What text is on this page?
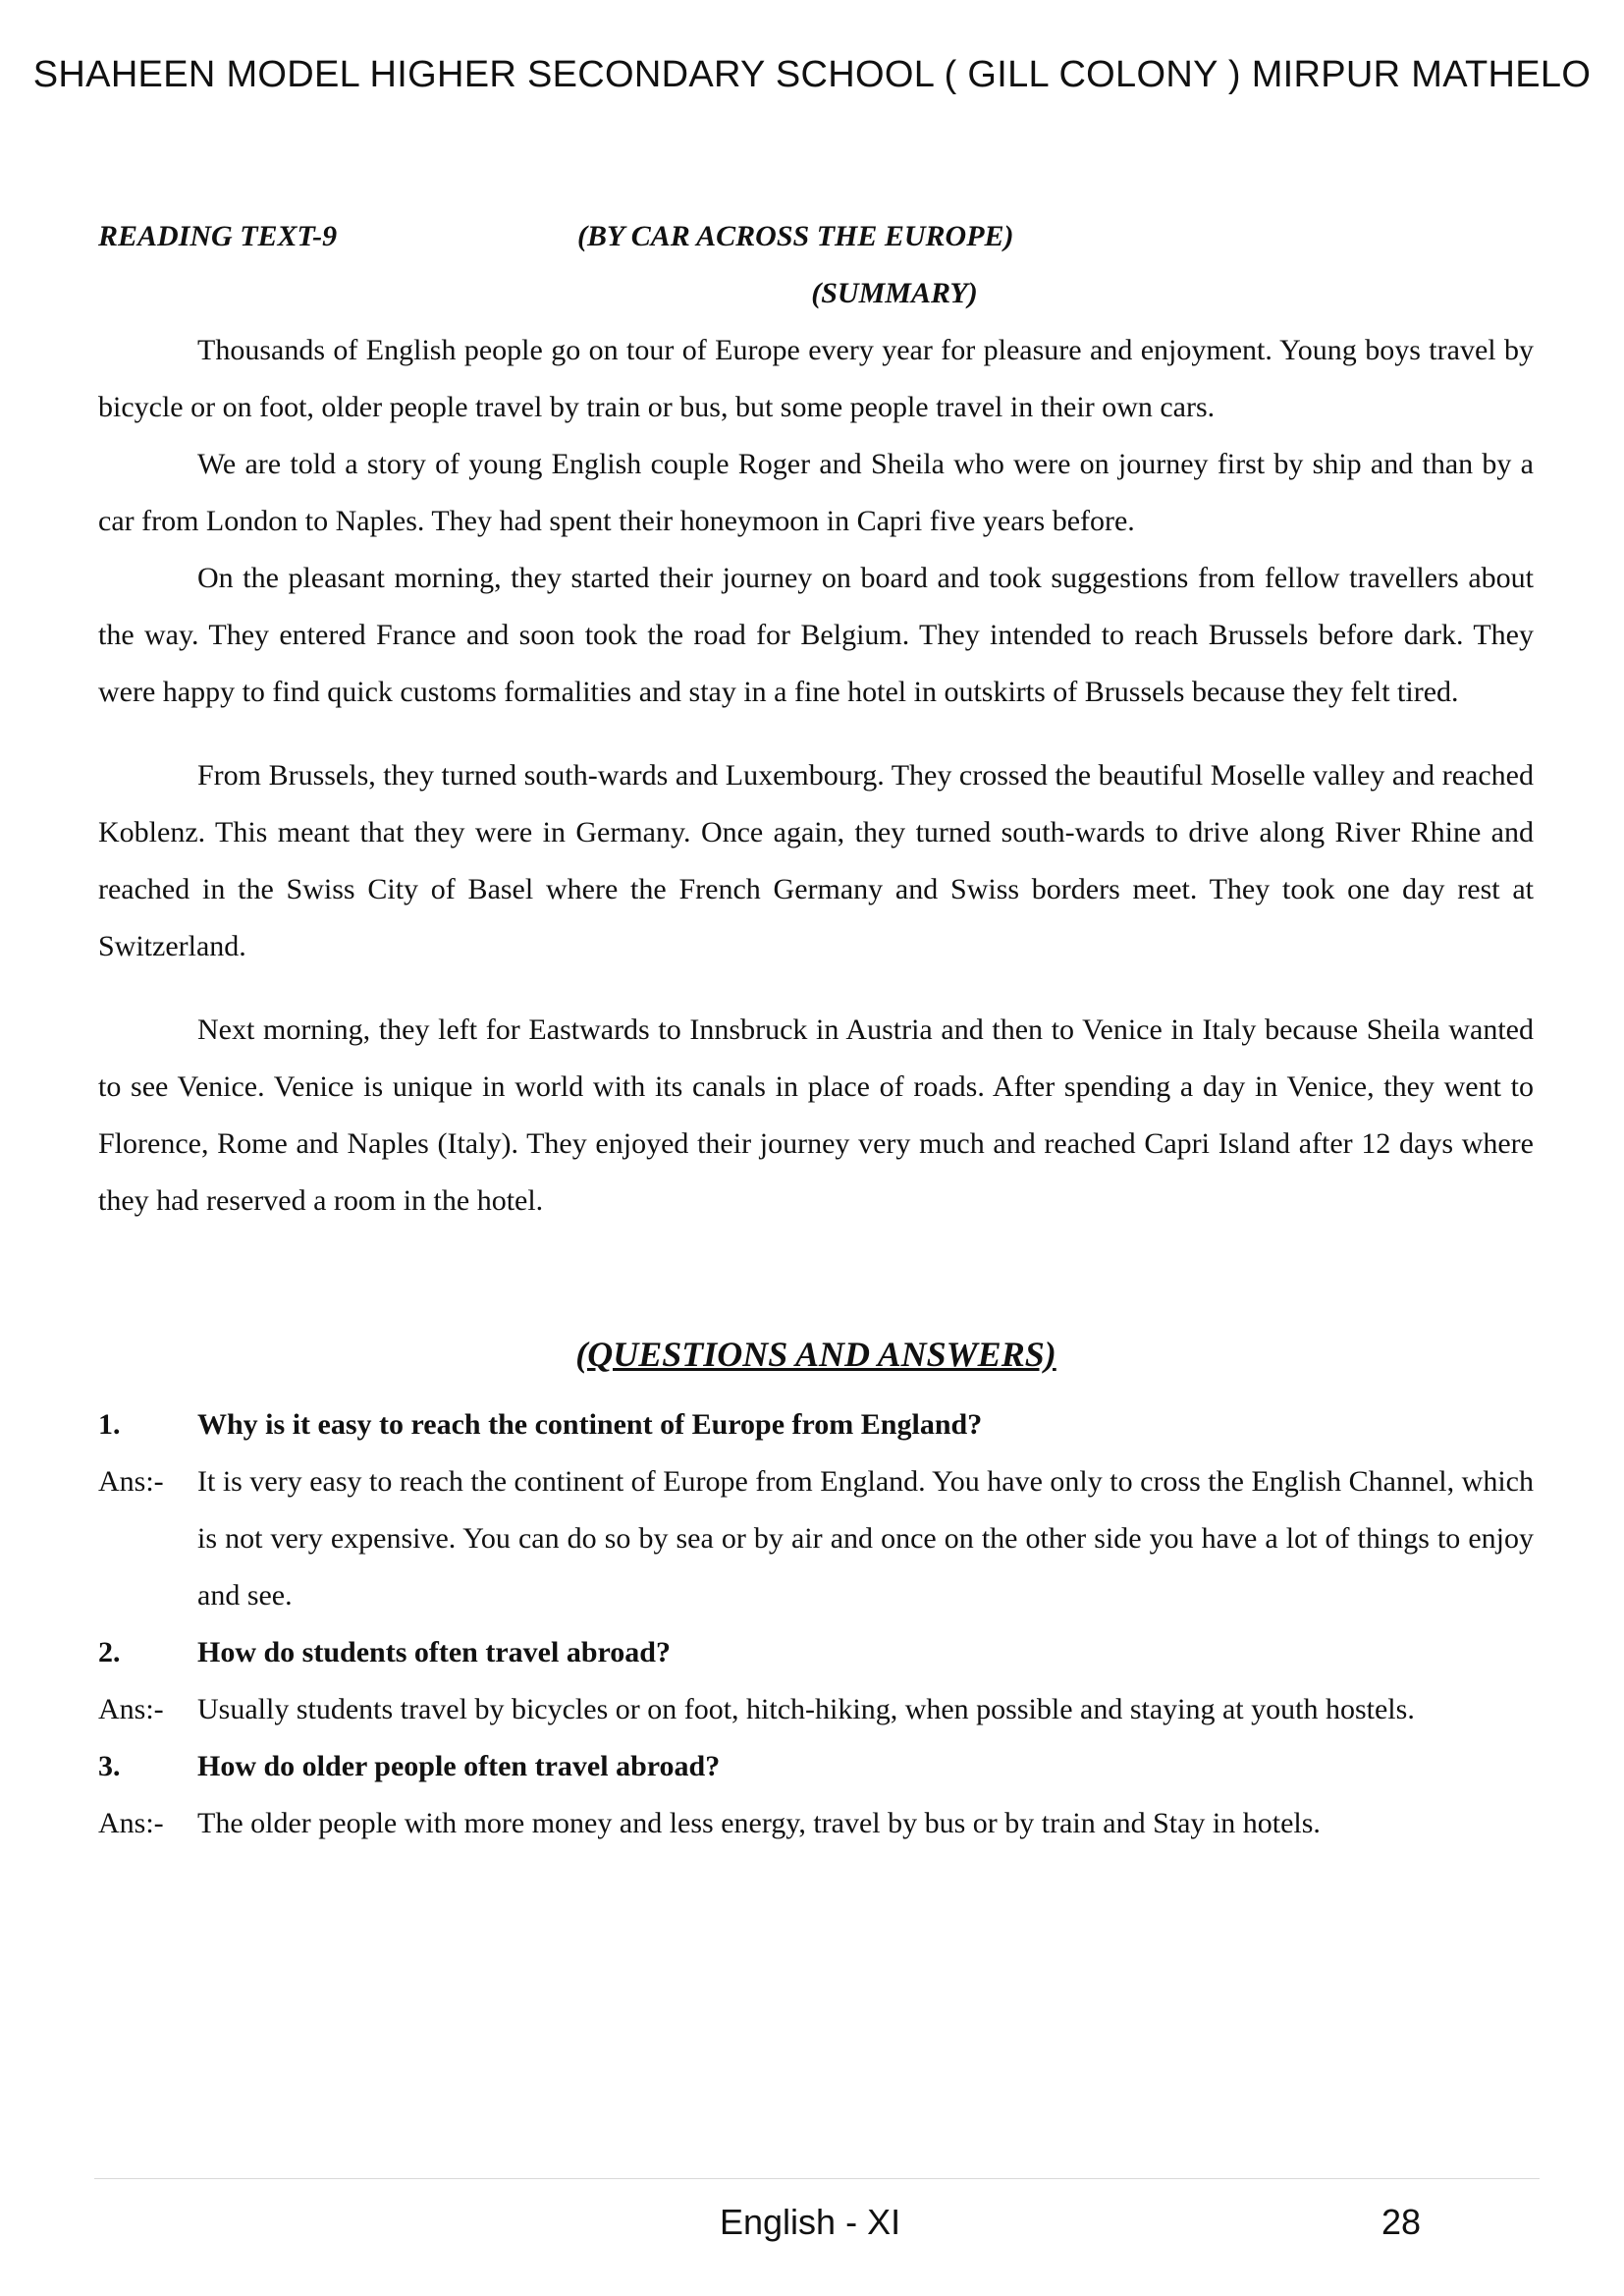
SHAHEEN MODEL HIGHER SECONDARY SCHOOL ( GILL COLONY ) MIRPUR MATHELO
READING TEXT-9	(BY CAR ACROSS THE EUROPE)
(SUMMARY)

Thousands of English people go on tour of Europe every year for pleasure and enjoyment. Young boys travel by bicycle or on foot, older people travel by train or bus, but some people travel in their own cars.

We are told a story of young English couple Roger and Sheila who were on journey first by ship and than by a car from London to Naples. They had spent their honeymoon in Capri five years before.

On the pleasant morning, they started their journey on board and took suggestions from fellow travellers about the way. They entered France and soon took the road for Belgium. They intended to reach Brussels before dark. They were happy to find quick customs formalities and stay in a fine hotel in outskirts of Brussels because they felt tired.

From Brussels, they turned south-wards and Luxembourg. They crossed the beautiful Moselle valley and reached Koblenz. This meant that they were in Germany. Once again, they turned south-wards to drive along River Rhine and reached in the Swiss City of Basel where the French Germany and Swiss borders meet. They took one day rest at Switzerland.

Next morning, they left for Eastwards to Innsbruck in Austria and then to Venice in Italy because Sheila wanted to see Venice. Venice is unique in world with its canals in place of roads. After spending a day in Venice, they went to Florence, Rome and Naples (Italy). They enjoyed their journey very much and reached Capri Island after 12 days where they had reserved a room in the hotel.

(QUESTIONS AND ANSWERS)
1.	Why is it easy to reach the continent of Europe from England?
Ans:-	It is very easy to reach the continent of Europe from England. You have only to cross the English Channel, which is not very expensive. You can do so by sea or by air and once on the other side you have a lot of things to enjoy and see.
2.	How do students often travel abroad?
Ans:-	Usually students travel by bicycles or on foot, hitch-hiking, when possible and staying at youth hostels.
3.	How do older people often travel abroad?
Ans:-	The older people with more money and less energy, travel by bus or by train and Stay in hotels.
English - XI	28
